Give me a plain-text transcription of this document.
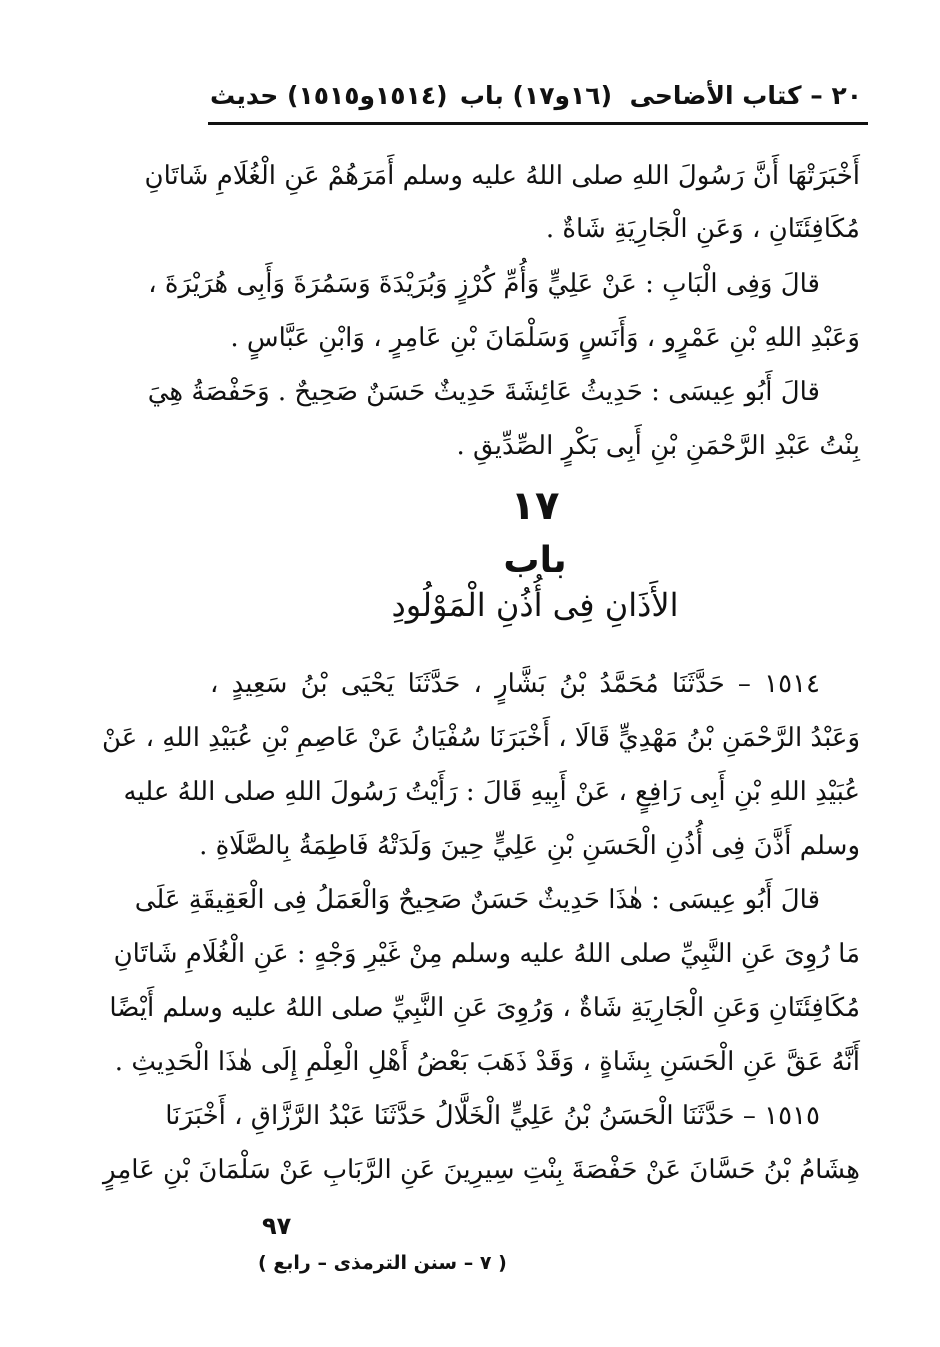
٢٠ – كتاب الأضاحى
(١٦و١٧) باب
(١٥١٤و١٥١٥) حديث
أَخْبَرَتْهَا أَنَّ رَسُولَ اللهِ صلى اللهُ عليه وسلم أَمَرَهُمْ عَنِ الْغُلَامِ شَاتَانِ
مُكَافِئَتَانِ ، وَعَنِ الْجَارِيَةِ شَاةٌ .
قالَ وَفِى الْبَابِ : عَنْ عَلِيٍّ وَأُمِّ كُرْزٍ وَبُرَيْدَةَ وَسَمُرَةَ وَأَبِى هُرَيْرَةَ ،
وَعَبْدِ اللهِ بْنِ عَمْرٍو ، وَأَنَسٍ وَسَلْمَانَ بْنِ عَامِرٍ ، وَابْنِ عَبَّاسٍ .
قالَ أَبُو عِيسَى : حَدِيثُ عَائِشَةَ حَدِيثٌ حَسَنٌ صَحِيحٌ . وَحَفْصَةُ هِيَ
بِنْتُ عَبْدِ الرَّحْمَنِ بْنِ أَبِى بَكْرٍ الصِّدِّيقِ .
١٧
باب
الأَذَانِ فِى أُذُنِ الْمَوْلُودِ
١٥١٤ – حَدَّثَنَا مُحَمَّدُ بْنُ بَشَّارٍ ، حَدَّثَنَا يَحْيَى بْنُ سَعِيدٍ ،
وَعَبْدُ الرَّحْمَنِ بْنُ مَهْدِيٍّ قَالَا ، أَخْبَرَنَا سُفْيَانُ عَنْ عَاصِمِ بْنِ عُبَيْدِ اللهِ ، عَنْ
عُبَيْدِ اللهِ بْنِ أَبِى رَافِعٍ ، عَنْ أَبِيهِ قَالَ : رَأَيْتُ رَسُولَ اللهِ صلى اللهُ عليه
وسلم أَذَّنَ فِى أُذُنِ الْحَسَنِ بْنِ عَلِيٍّ حِينَ وَلَدَتْهُ فَاطِمَةُ بِالصَّلَاةِ .
قالَ أَبُو عِيسَى : هٰذَا حَدِيثٌ حَسَنٌ صَحِيحٌ وَالْعَمَلُ فِى الْعَقِيقَةِ عَلَى
مَا رُوِىَ عَنِ النَّبِيِّ صلى اللهُ عليه وسلم مِنْ غَيْرِ وَجْهٍ : عَنِ الْغُلَامِ شَاتَانِ
مُكَافِئَتَانِ وَعَنِ الْجَارِيَةِ شَاةٌ ، وَرُوِىَ عَنِ النَّبِيِّ صلى اللهُ عليه وسلم أَيْضًا
أَنَّهُ عَقَّ عَنِ الْحَسَنِ بِشَاةٍ ، وَقَدْ ذَهَبَ بَعْضُ أَهْلِ الْعِلْمِ إِلَى هٰذَا الْحَدِيثِ .
١٥١٥ – حَدَّثَنَا الْحَسَنُ بْنُ عَلِيٍّ الْخَلَّالُ حَدَّثَنَا عَبْدُ الرَّزَّاقِ ، أَخْبَرَنَا
هِشَامُ بْنُ حَسَّانَ عَنْ حَفْصَةَ بِنْتِ سِيرِينَ عَنِ الرَّبَابِ عَنْ سَلْمَانَ بْنِ عَامِرٍ
٩٧
( ٧ – سنن الترمذى – رابع )
